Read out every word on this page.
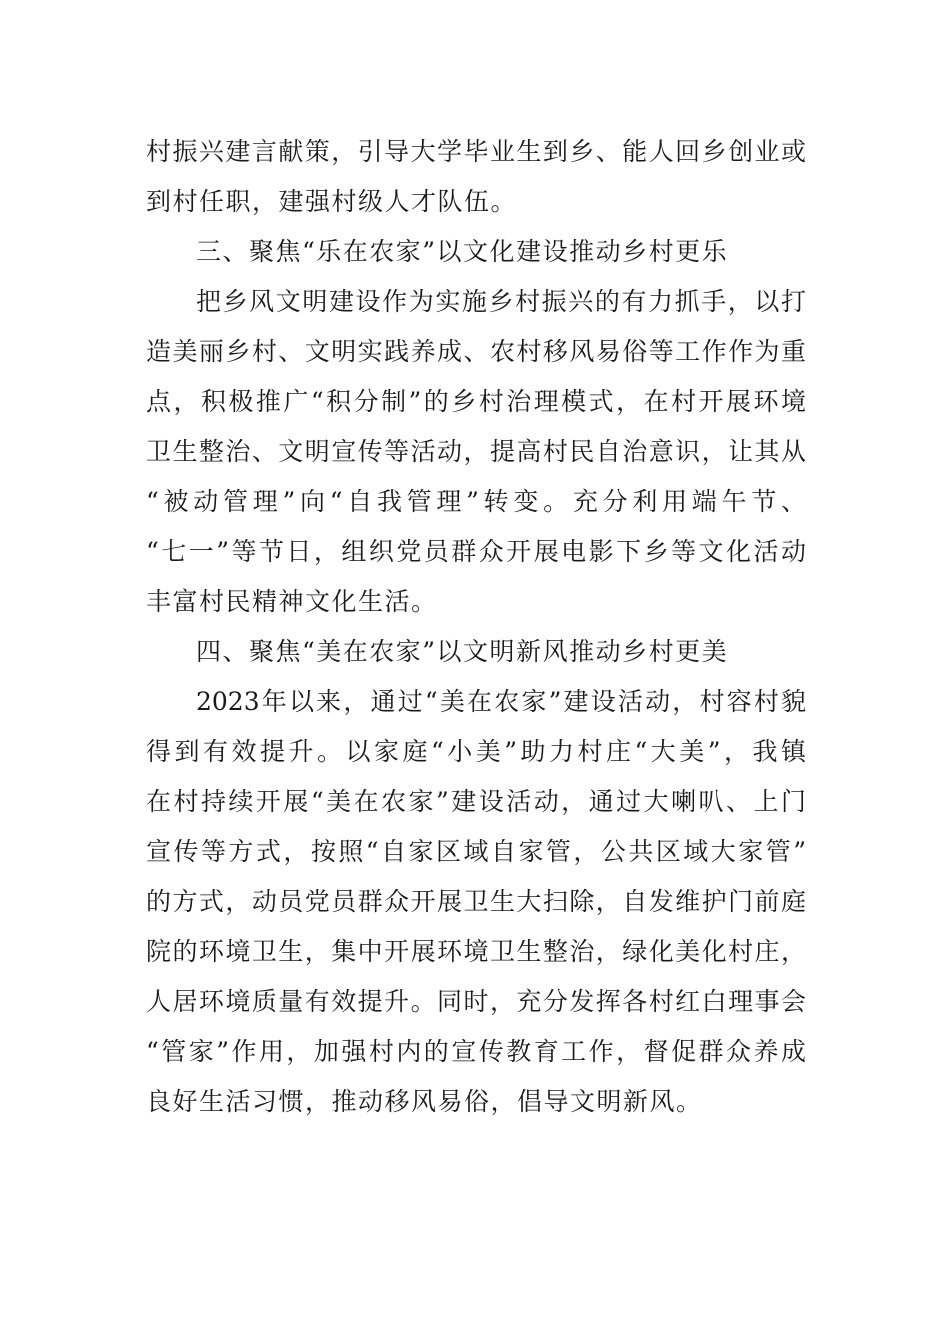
村振兴建言献策，引导大学毕业生到乡、能人回乡创业或
到村任职，建强村级人才队伍。
三、聚焦“乐在农家”以文化建设推动乡村更乐
把乡风文明建设作为实施乡村振兴的有力抓手，以打
造美丽乡村、文明实践养成、农村移风易俗等工作作为重
点，积极推广“积分制”的乡村治理模式，在村开展环境
卫生整治、文明宣传等活动，提高村民自治意识，让其从
“被动管理”向“自我管理”转变。充分利用端午节、
“七一”等节日，组织党员群众开展电影下乡等文化活动
丰富村民精神文化生活。
四、聚焦“美在农家”以文明新风推动乡村更美
2023年以来，通过“美在农家”建设活动，村容村貌
得到有效提升。以家庭“小美”助力村庄“大美”，我镇
在村持续开展“美在农家”建设活动，通过大喇叭、上门
宣传等方式，按照“自家区域自家管，公共区域大家管”
的方式，动员党员群众开展卫生大扫除，自发维护门前庭
院的环境卫生，集中开展环境卫生整治，绿化美化村庄，
人居环境质量有效提升。同时，充分发挥各村红白理事会
“管家”作用，加强村内的宣传教育工作，督促群众养成
良好生活习惯，推动移风易俗，倡导文明新风。
